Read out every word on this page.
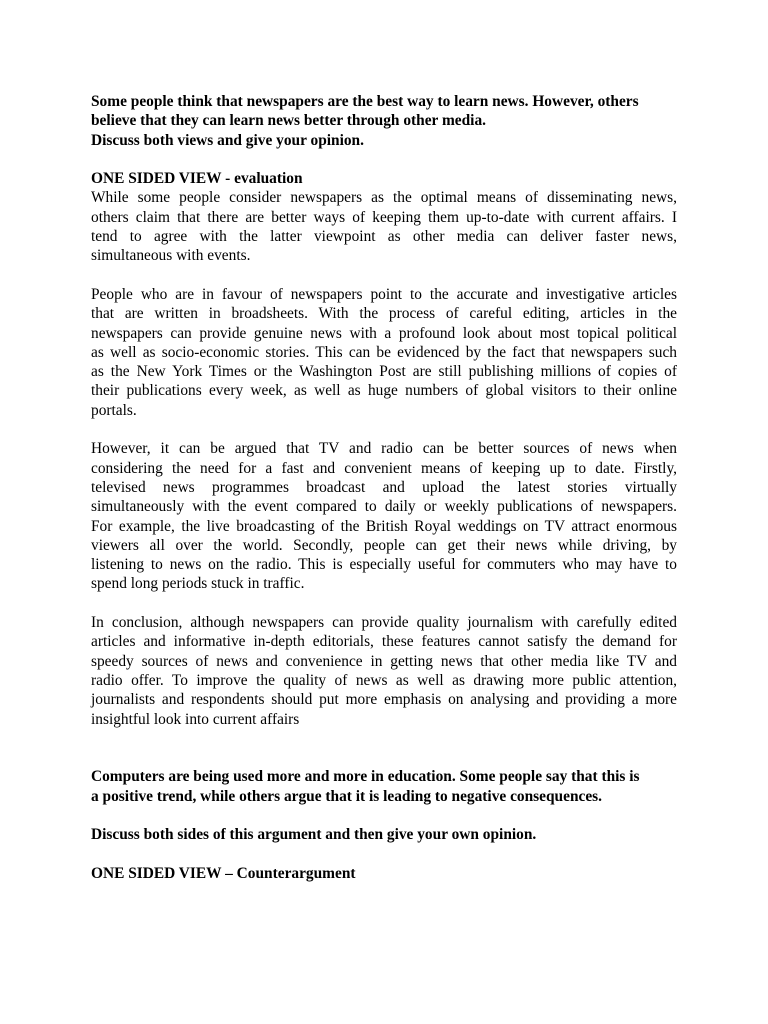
Some people think that newspapers are the best way to learn news. However, others
believe that they can learn news better through other media.
Discuss both views and give your opinion.
ONE SIDED VIEW - evaluation
While some people consider newspapers as the optimal means of disseminating news,
others claim that there are better ways of keeping them up-to-date with current affairs. I
tend to agree with the latter viewpoint as other media can deliver faster news,
simultaneous with events.
People who are in favour of newspapers point to the accurate and investigative articles
that are written in broadsheets. With the process of careful editing, articles in the
newspapers can provide genuine news with a profound look about most topical political
as well as socio-economic stories. This can be evidenced by the fact that newspapers such
as the New York Times or the Washington Post are still publishing millions of copies of
their publications every week, as well as huge numbers of global visitors to their online
portals.
However, it can be argued that TV and radio can be better sources of news when
considering the need for a fast and convenient means of keeping up to date. Firstly,
televised news programmes broadcast and upload the latest stories virtually
simultaneously with the event compared to daily or weekly publications of newspapers.
For example, the live broadcasting of the British Royal weddings on TV attract enormous
viewers all over the world. Secondly, people can get their news while driving, by
listening to news on the radio. This is especially useful for commuters who may have to
spend long periods stuck in traffic.
In conclusion, although newspapers can provide quality journalism with carefully edited
articles and informative in-depth editorials, these features cannot satisfy the demand for
speedy sources of news and convenience in getting news that other media like TV and
radio offer. To improve the quality of news as well as drawing more public attention,
journalists and respondents should put more emphasis on analysing and providing a more
insightful look into current affairs
Computers are being used more and more in education. Some people say that this is
a positive trend, while others argue that it is leading to negative consequences.
Discuss both sides of this argument and then give your own opinion.
ONE SIDED VIEW – Counterargument
